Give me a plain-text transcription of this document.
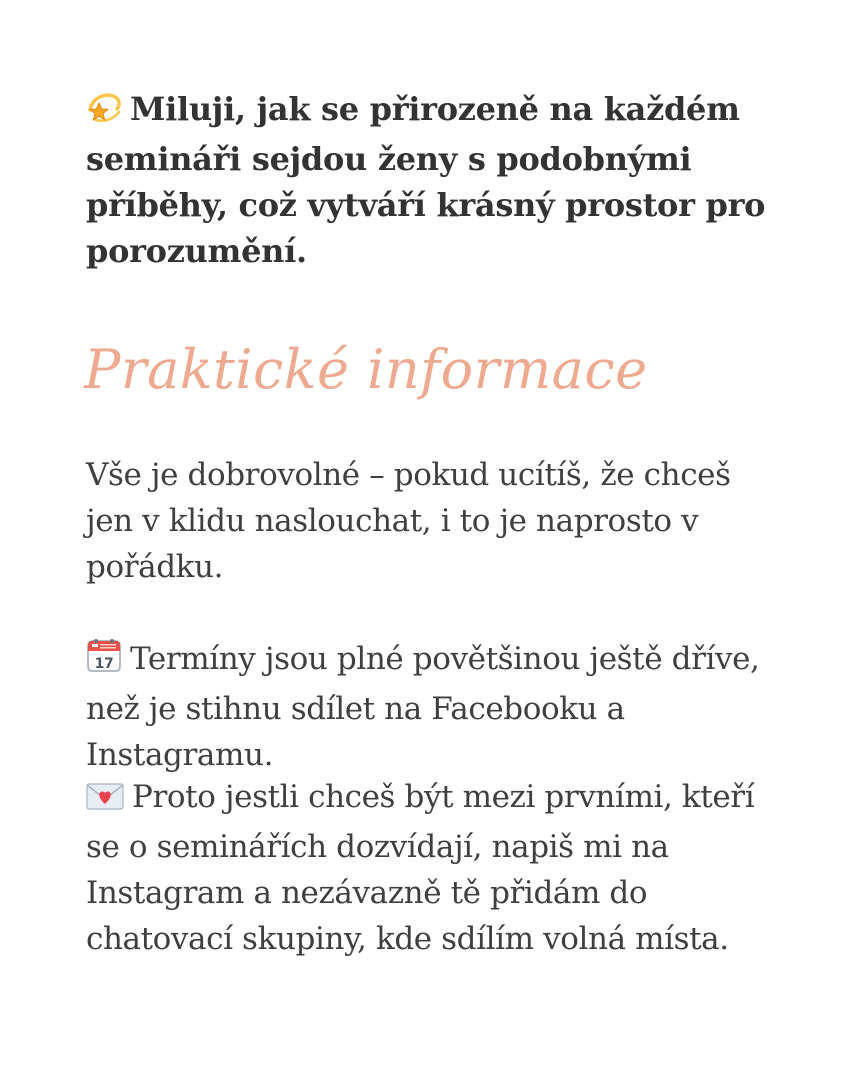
Miluji, jak se přirozeně na každém semináři sejdou ženy s podobnými příběhy, což vytváří krásný prostor pro porozumění.

Praktické informace

Vše je dobrovolné – pokud ucítíš, že chceš jen v klidu naslouchat, i to je naprosto v pořádku.

17 Termíny jsou plné povětšinou ještě dříve, než je stihnu sdílet na Facebooku a Instagramu.

Proto jestli chceš být mezi prvními, kteří se o seminářích dozvídají, napiš mi na Instagram a nezávazně tě přidám do chatovací skupiny, kde sdílím volná místa.
